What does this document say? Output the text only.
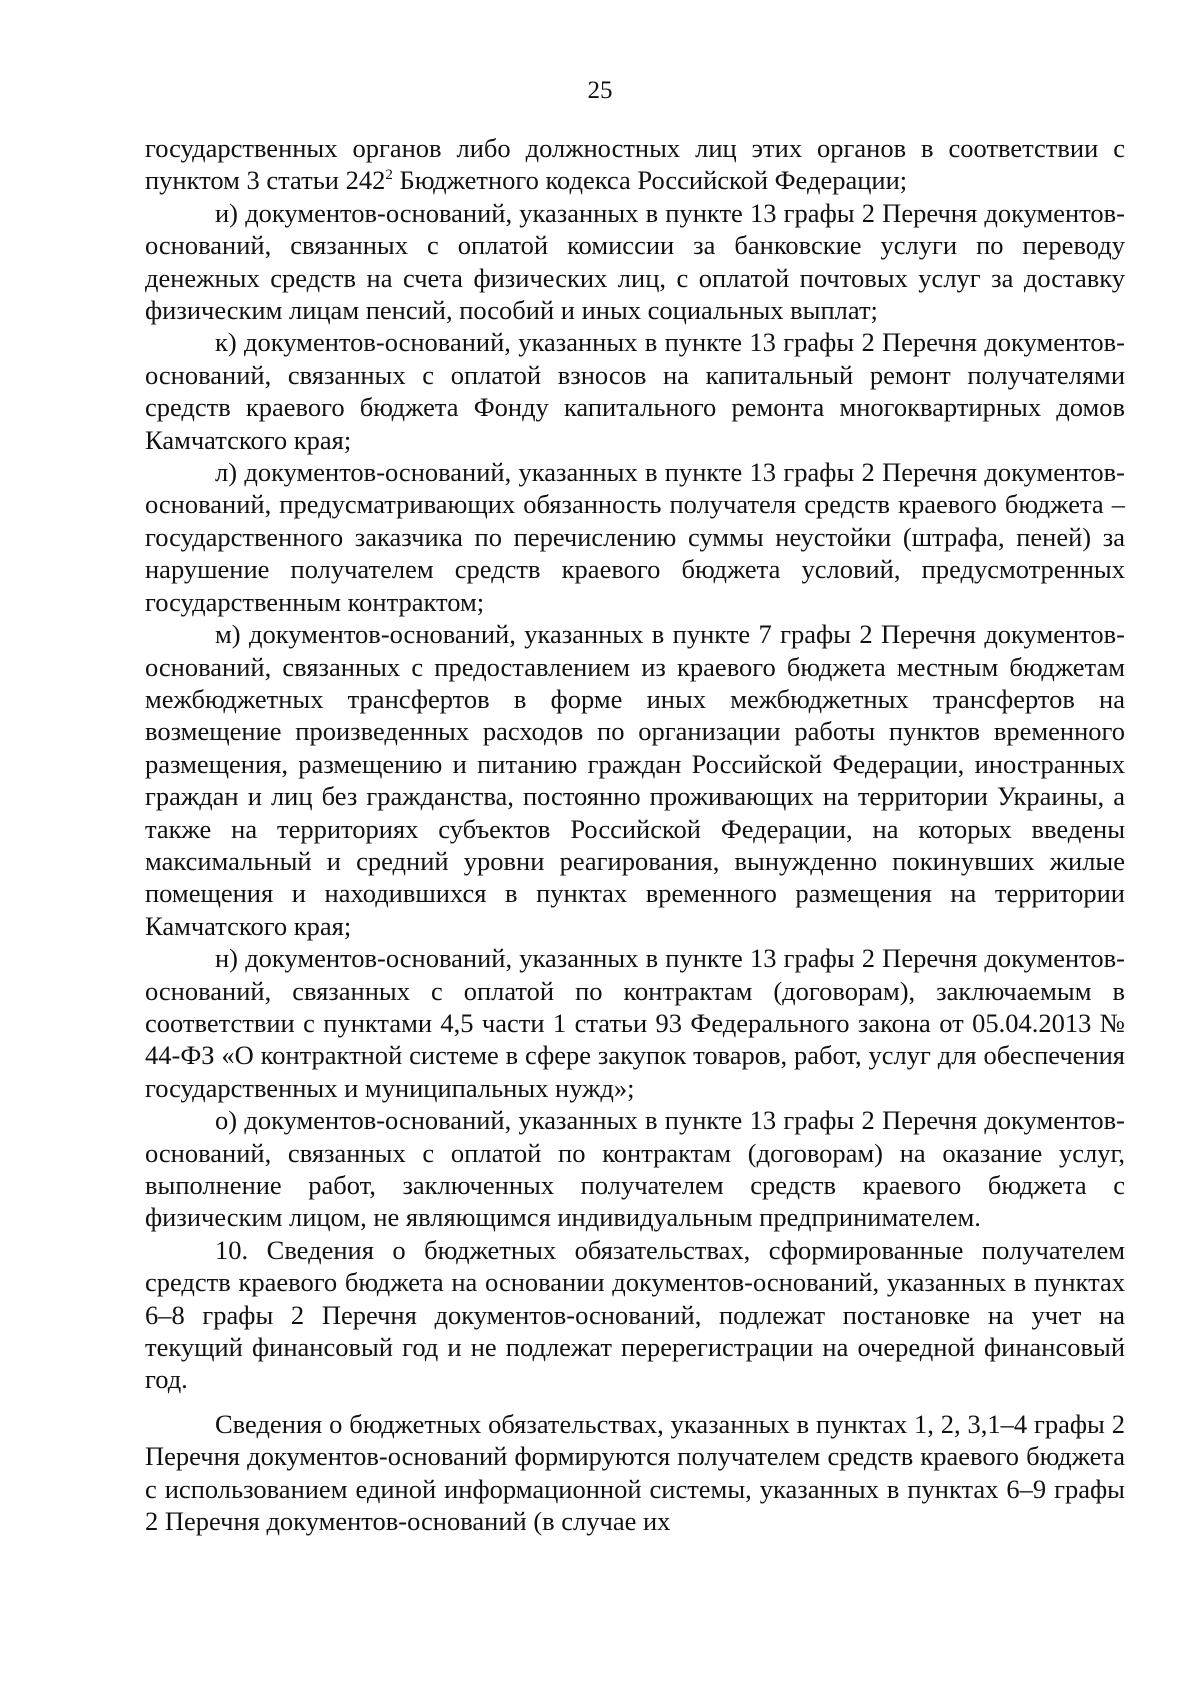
25

государственных органов либо должностных лиц этих органов в соответствии с пунктом 3 статьи $242^2$ Бюджетного кодекса Российской Федерации;

и) документов-оснований, указанных в пункте 13 графы 2 Перечня документов-оснований, связанных с оплатой комиссии за банковские услуги по переводу денежных средств на счета физических лиц, с оплатой почтовых услуг за доставку физическим лицам пенсий, пособий и иных социальных выплат;

к) документов-оснований, указанных в пункте 13 графы 2 Перечня документов-оснований, связанных с оплатой взносов на капитальный ремонт получателями средств краевого бюджета Фонду капитального ремонта многоквартирных домов Камчатского края;

л) документов-оснований, указанных в пункте 13 графы 2 Перечня документов-оснований, предусматривающих обязанность получателя средств краевого бюджета – государственного заказчика по перечислению суммы неустойки (штрафа, пеней) за нарушение получателем средств краевого бюджета условий, предусмотренных государственным контрактом;

м) документов-оснований, указанных в пункте 7 графы 2 Перечня документов-оснований, связанных с предоставлением из краевого бюджета местным бюджетам межбюджетных трансфертов в форме иных межбюджетных трансфертов на возмещение произведенных расходов по организации работы пунктов временного размещения, размещению и питанию граждан Российской Федерации, иностранных граждан и лиц без гражданства, постоянно проживающих на территории Украины, а также на территориях субъектов Российской Федерации, на которых введены максимальный и средний уровни реагирования, вынужденно покинувших жилые помещения и находившихся в пунктах временного размещения на территории Камчатского края;

н) документов-оснований, указанных в пункте 13 графы 2 Перечня документов-оснований, связанных с оплатой по контрактам (договорам), заключаемым в соответствии с пунктами 4,5 части 1 статьи 93 Федерального закона от 05.04.2013 № 44-ФЗ «О контрактной системе в сфере закупок товаров, работ, услуг для обеспечения государственных и муниципальных нужд»;

о) документов-оснований, указанных в пункте 13 графы 2 Перечня документов-оснований, связанных с оплатой по контрактам (договорам) на оказание услуг, выполнение работ, заключенных получателем средств краевого бюджета с физическим лицом, не являющимся индивидуальным предпринимателем.

10. Сведения о бюджетных обязательствах, сформированные получателем средств краевого бюджета на основании документов-оснований, указанных в пунктах 6–8 графы 2 Перечня документов-оснований, подлежат постановке на учет на текущий финансовый год и не подлежат перерегистрации на очередной финансовый год.

Сведения о бюджетных обязательствах, указанных в пунктах 1, 2, 3,1–4 графы 2 Перечня документов-оснований формируются получателем средств краевого бюджета с использованием единой информационной системы, указанных в пунктах 6–9 графы 2 Перечня документов-оснований (в случае их
